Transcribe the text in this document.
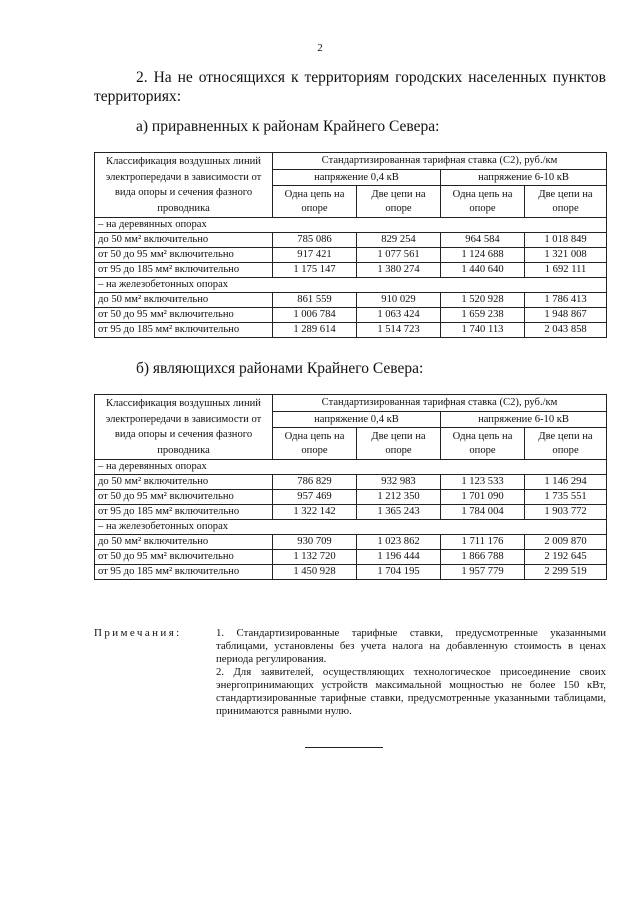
2
2. На не относящихся к территориям городских населенных пунктов территориях:
а) приравненных к районам Крайнего Севера:
Классификация воздушных линий электропередачи в зависимости от вида опоры и сечения фазного проводника	Стандартизированная тарифная ставка (С2), руб./км			
	напряжение 0,4 кВ		напряжение 6-10 кВ	
	Одна цепь на опоре	Две цепи на опоре	Одна цепь на опоре	Две цепи на опоре
– на деревянных опорах				
до 50 мм² включительно	785 086	829 254	964 584	1 018 849
от 50 до 95 мм² включительно	917 421	1 077 561	1 124 688	1 321 008
от 95 до 185 мм² включительно	1 175 147	1 380 274	1 440 640	1 692 111
– на железобетонных опорах				
до 50 мм² включительно	861 559	910 029	1 520 928	1 786 413
от 50 до 95 мм² включительно	1 006 784	1 063 424	1 659 238	1 948 867
от 95 до 185 мм² включительно	1 289 614	1 514 723	1 740 113	2 043 858
б) являющихся районами Крайнего Севера:
Классификация воздушных линий электропередачи в зависимости от вида опоры и сечения фазного проводника	Стандартизированная тарифная ставка (С2), руб./км			
	напряжение 0,4 кВ		напряжение 6-10 кВ	
	Одна цепь на опоре	Две цепи на опоре	Одна цепь на опоре	Две цепи на опоре
– на деревянных опорах				
до 50 мм² включительно	786 829	932 983	1 123 533	1 146 294
от 50 до 95 мм² включительно	957 469	1 212 350	1 701 090	1 735 551
от 95 до 185 мм² включительно	1 322 142	1 365 243	1 784 004	1 903 772
– на железобетонных опорах				
до 50 мм² включительно	930 709	1 023 862	1 711 176	2 009 870
от 50 до 95 мм² включительно	1 132 720	1 196 444	1 866 788	2 192 645
от 95 до 185 мм² включительно	1 450 928	1 704 195	1 957 779	2 299 519
Примечания:	1. Стандартизированные тарифные ставки, предусмотренные указанными таблицами, установлены без учета налога на добавленную стоимость в ценах периода регулирования.

2. Для заявителей, осуществляющих технологическое присоединение своих энергопринимающих устройств максимальной мощностью не более 150 кВт, стандартизированные тарифные ставки, предусмотренные указанными таблицами, принимаются равными нулю.
